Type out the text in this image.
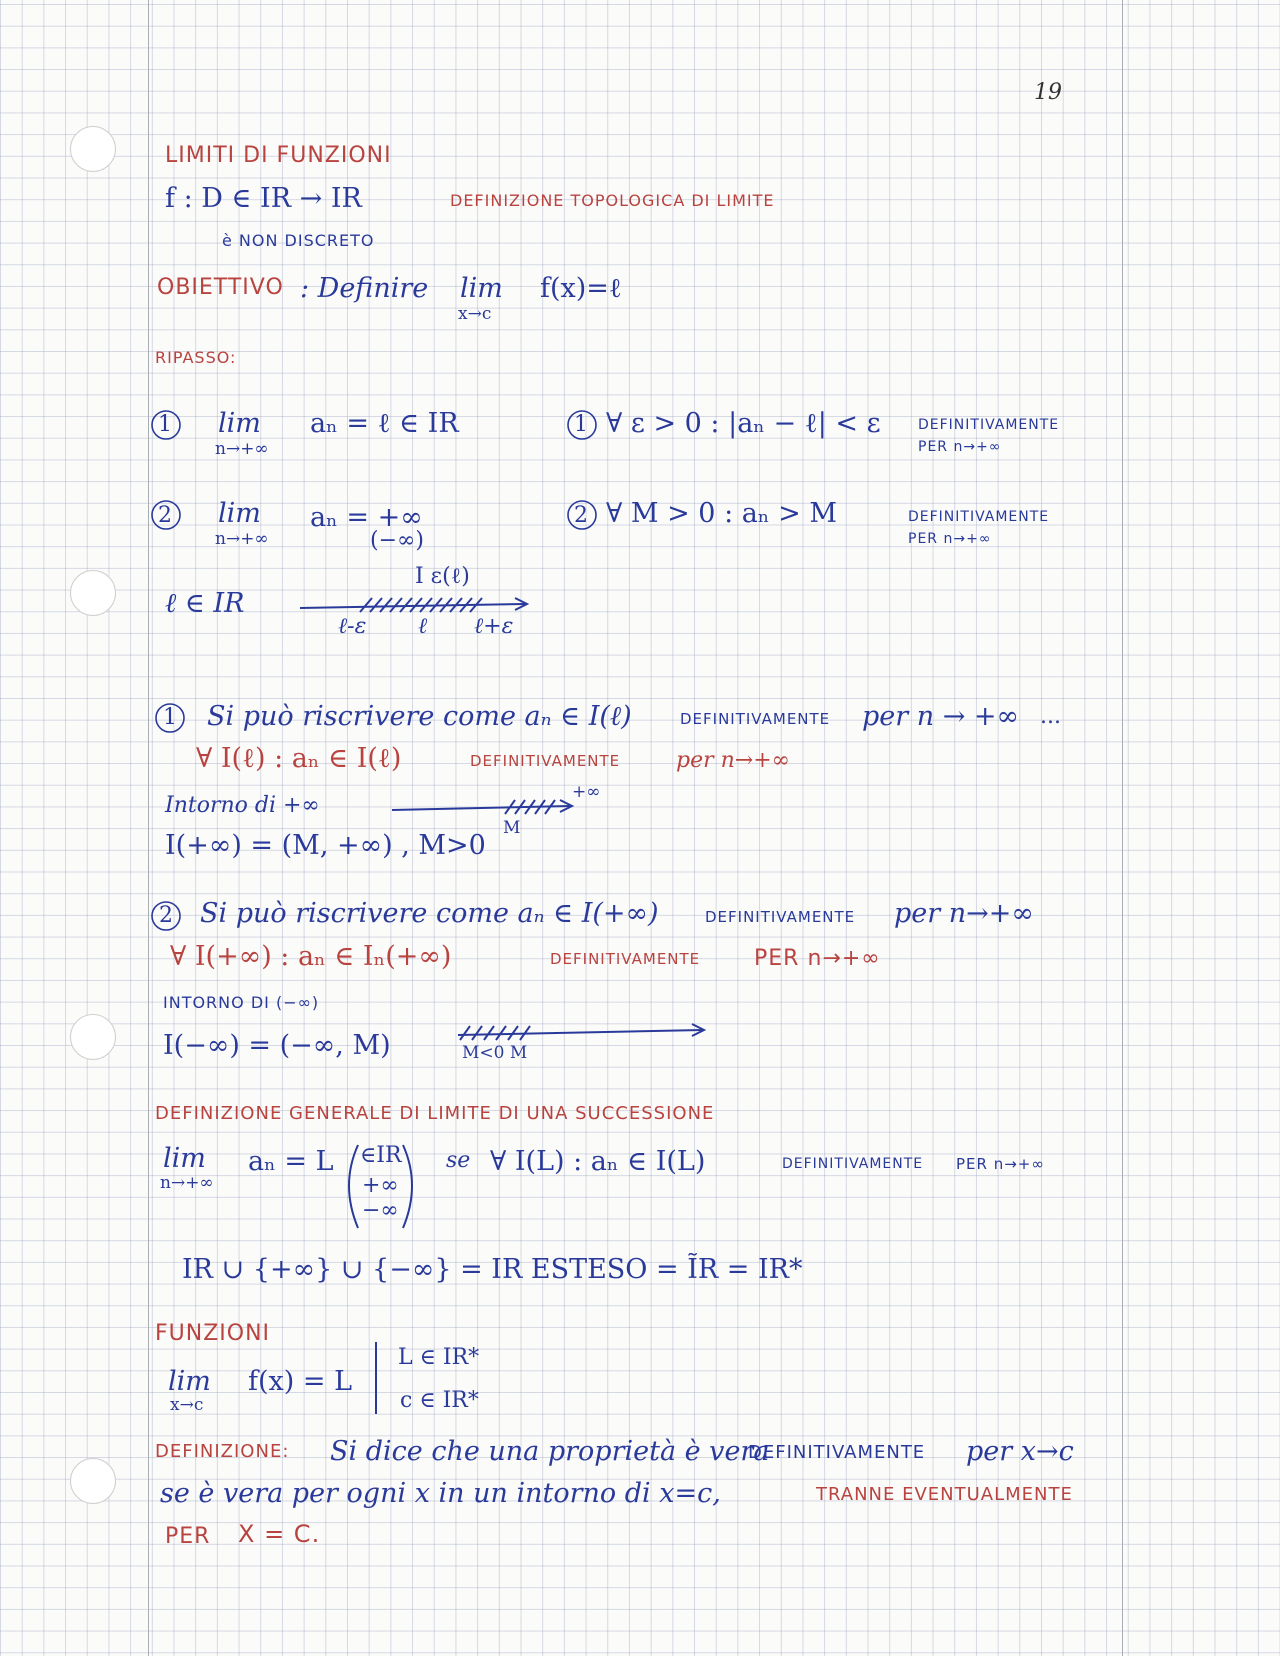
19
LIMITI DI FUNZIONI
f : D ∈ IR → IR	DEFINIZIONE TOPOLOGICA DI LIMITE
è NON DISCRETO
OBIETTIVO : Definire lim
x→c
f(x)=ℓ
RIPASSO:
1 lim
n→+∞
aₙ = ℓ ∈ IR	1 ∀ ε > 0 : |aₙ − ℓ| < ε	DEFINITIVAMENTE
PER n→+∞
2 lim
n→+∞
aₙ = +∞
(−∞)
2 ∀ M > 0 : aₙ > M	DEFINITIVAMENTE
PER n→+∞
ℓ ∈ IR
I ε(ℓ)
ℓ-ε ℓ ℓ+ε
1 Si può riscrivere come aₙ ∈ I(ℓ)	DEFINITIVAMENTE per n → +∞ ...
∀ I(ℓ) : aₙ ∈ I(ℓ)	DEFINITIVAMENTE	per n→+∞
Intorno di +∞
+∞
M
I(+∞) = (M, +∞) , M>0
2 Si può riscrivere come aₙ ∈ I(+∞)	DEFINITIVAMENTE per n→+∞
∀ I(+∞) : aₙ ∈ Iₙ(+∞)	DEFINITIVAMENTE PER n→+∞
INTORNO DI (−∞)
I(−∞) = (−∞, M)	M<0 M
DEFINIZIONE GENERALE DI LIMITE DI UNA SUCCESSIONE
lim
n→+∞
aₙ = L ∈IR
+∞
−∞
se ∀ I(L) : aₙ ∈ I(L)	DEFINITIVAMENTE PER n→+∞
IR ∪ {+∞} ∪ {−∞} = IR ESTESO = ĨR = IR*
FUNZIONI
lim
x→c
f(x) = L
L ∈ IR*
c ∈ IR*
DEFINIZIONE: Si dice che una proprietà è vera
DEFINITIVAMENTE per x→c
se è vera per ogni x in un intorno di x=c,	TRANNE EVENTUALMENTE
PER X = C.
